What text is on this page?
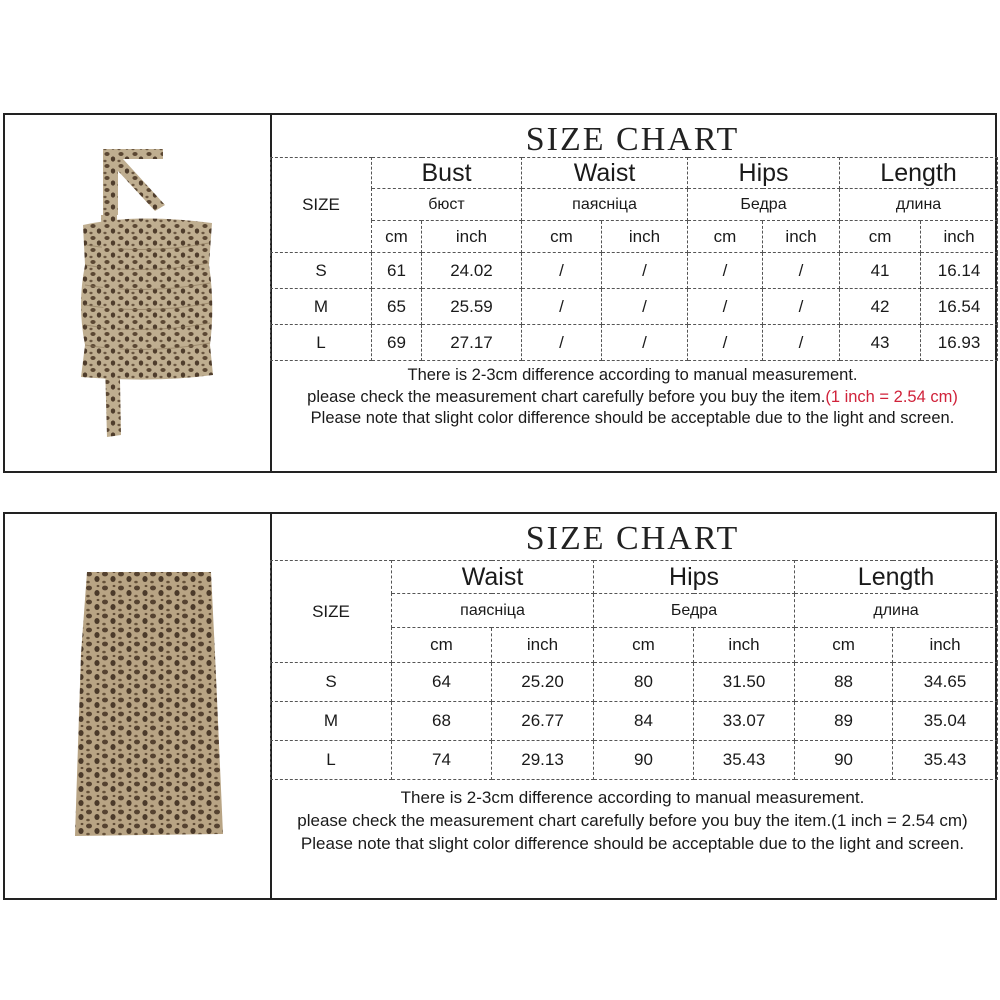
SIZE CHART
SIZE	Bust		Waist		Hips		Length	
	бюст		паясніца		Бедра		длина	
	cm	inch	cm	inch	cm	inch	cm	inch
S	61	24.02	/	/	/	/	41	16.14
M	65	25.59	/	/	/	/	42	16.54
L	69	27.17	/	/	/	/	43	16.93
There is 2-3cm difference according to manual measurement.
please check the measurement chart carefully before you buy the item.(1 inch = 2.54 cm)
Please note that slight color difference should be acceptable due to the light and screen.
SIZE CHART
SIZE	Waist		Hips		Length	
	паясніца		Бедра		длина	
	cm	inch	cm	inch	cm	inch
S	64	25.20	80	31.50	88	34.65
M	68	26.77	84	33.07	89	35.04
L	74	29.13	90	35.43	90	35.43
There is 2-3cm difference according to manual measurement.
please check the measurement chart carefully before you buy the item.(1 inch = 2.54 cm)
Please note that slight color difference should be acceptable due to the light and screen.
